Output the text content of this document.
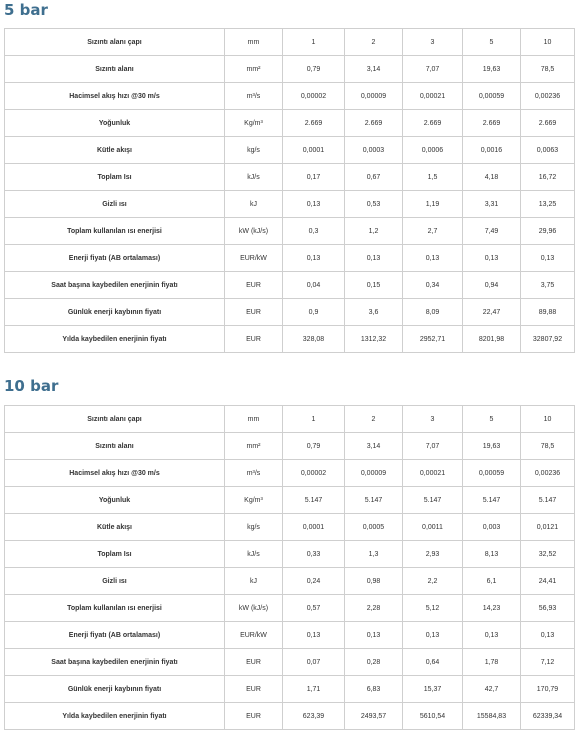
5 bar
Sızıntı alanı çapı	mm	1	2	3	5	10
Sızıntı alanı	mm²	0,79	3,14	7,07	19,63	78,5
Hacimsel akış hızı @30 m/s	m³/s	0,00002	0,00009	0,00021	0,00059	0,00236
Yoğunluk	Kg/m³	2.669	2.669	2.669	2.669	2.669
Kütle akışı	kg/s	0,0001	0,0003	0,0006	0,0016	0,0063
Toplam Isı	kJ/s	0,17	0,67	1,5	4,18	16,72
Gizli ısı	kJ	0,13	0,53	1,19	3,31	13,25
Toplam kullanılan ısı enerjisi	kW (kJ/s)	0,3	1,2	2,7	7,49	29,96
Enerji fiyatı (AB ortalaması)	EUR/kW	0,13	0,13	0,13	0,13	0,13
Saat başına kaybedilen enerjinin fiyatı	EUR	0,04	0,15	0,34	0,94	3,75
Günlük enerji kaybının fiyatı	EUR	0,9	3,6	8,09	22,47	89,88
Yılda kaybedilen enerjinin fiyatı	EUR	328,08	1312,32	2952,71	8201,98	32807,92
10 bar
Sızıntı alanı çapı	mm	1	2	3	5	10
Sızıntı alanı	mm²	0,79	3,14	7,07	19,63	78,5
Hacimsel akış hızı @30 m/s	m³/s	0,00002	0,00009	0,00021	0,00059	0,00236
Yoğunluk	Kg/m³	5.147	5.147	5.147	5.147	5.147
Kütle akışı	kg/s	0,0001	0,0005	0,0011	0,003	0,0121
Toplam Isı	kJ/s	0,33	1,3	2,93	8,13	32,52
Gizli ısı	kJ	0,24	0,98	2,2	6,1	24,41
Toplam kullanılan ısı enerjisi	kW (kJ/s)	0,57	2,28	5,12	14,23	56,93
Enerji fiyatı (AB ortalaması)	EUR/kW	0,13	0,13	0,13	0,13	0,13
Saat başına kaybedilen enerjinin fiyatı	EUR	0,07	0,28	0,64	1,78	7,12
Günlük enerji kaybının fiyatı	EUR	1,71	6,83	15,37	42,7	170,79
Yılda kaybedilen enerjinin fiyatı	EUR	623,39	2493,57	5610,54	15584,83	62339,34
